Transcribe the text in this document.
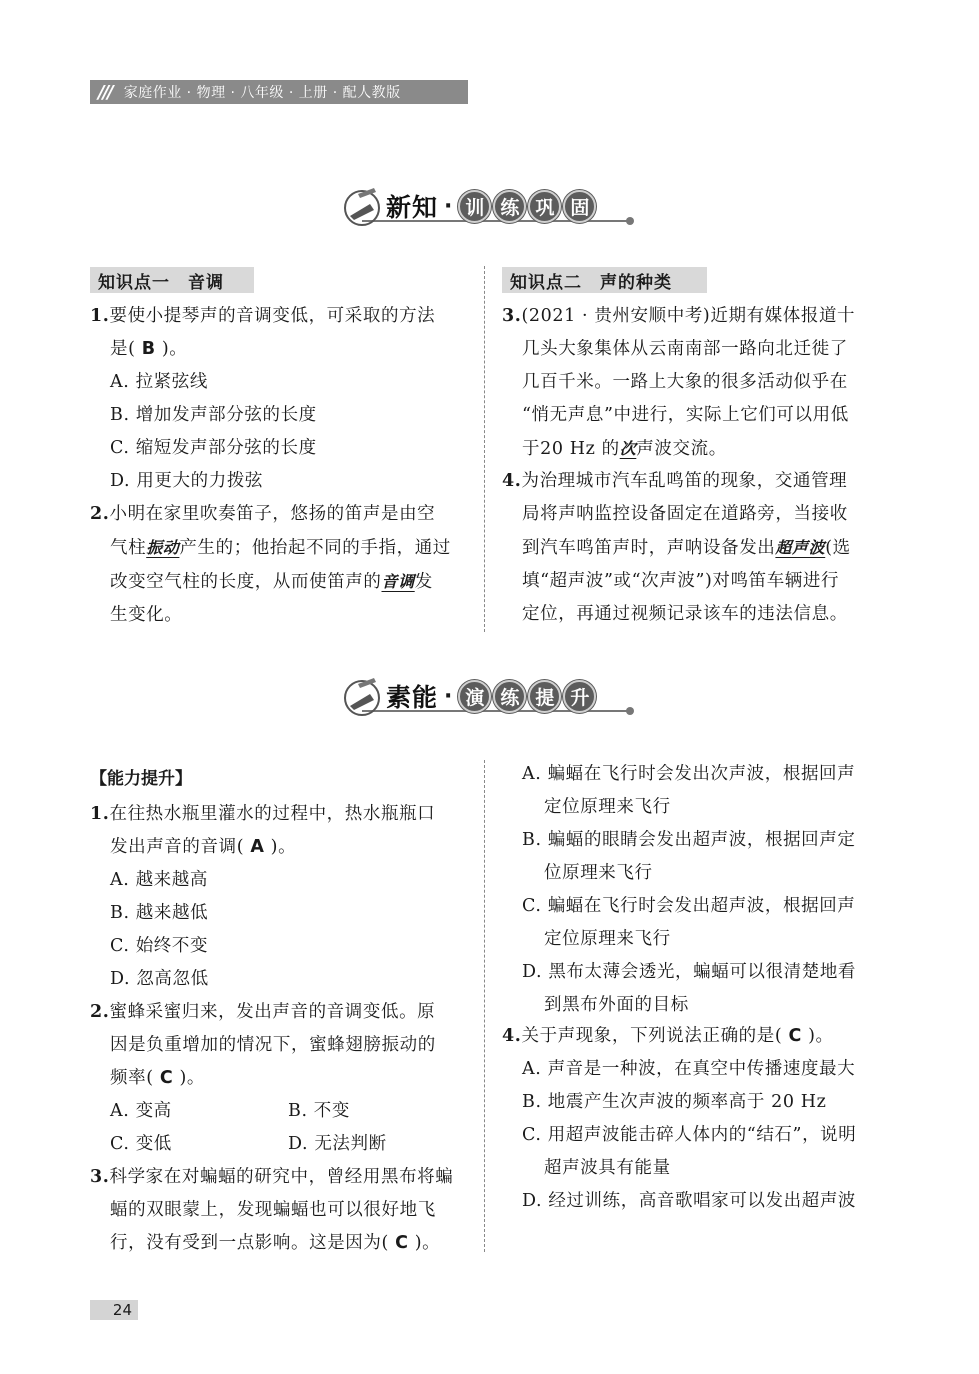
/// 家庭作业 · 物理 · 八年级 · 上册 · 配人教版
新知 · 训 练 巩 固
知识点一　音调	知识点二　声的种类
1.要使小提琴声的音调变低，可采取的方法
是( B )。
A. 拉紧弦线
B. 增加发声部分弦的长度
C. 缩短发声部分弦的长度
D. 用更大的力拨弦
2.小明在家里吹奏笛子，悠扬的笛声是由空
气柱振动产生的；他抬起不同的手指，通过
改变空气柱的长度，从而使笛声的音调发
生变化。
3.(2021 · 贵州安顺中考)近期有媒体报道十
几头大象集体从云南南部一路向北迁徙了
几百千米。一路上大象的很多活动似乎在
“悄无声息”中进行，实际上它们可以用低
于20 Hz 的次声波交流。
4.为治理城市汽车乱鸣笛的现象，交通管理
局将声呐监控设备固定在道路旁，当接收
到汽车鸣笛声时，声呐设备发出超声波(选
填“超声波”或“次声波”)对鸣笛车辆进行
定位，再通过视频记录该车的违法信息。
素能 · 演 练 提 升
【能力提升】
1.在往热水瓶里灌水的过程中，热水瓶瓶口
发出声音的音调( A )。
A. 越来越高
B. 越来越低
C. 始终不变
D. 忽高忽低
2.蜜蜂采蜜归来，发出声音的音调变低。原
因是负重增加的情况下，蜜蜂翅膀振动的
频率( C )。
A. 变高	B. 不变
C. 变低	D. 无法判断
3.科学家在对蝙蝠的研究中，曾经用黑布将蝙
蝠的双眼蒙上，发现蝙蝠也可以很好地飞
行，没有受到一点影响。这是因为( C )。
A. 蝙蝠在飞行时会发出次声波，根据回声
定位原理来飞行
B. 蝙蝠的眼睛会发出超声波，根据回声定
位原理来飞行
C. 蝙蝠在飞行时会发出超声波，根据回声
定位原理来飞行
D. 黑布太薄会透光，蝙蝠可以很清楚地看
到黑布外面的目标
4.关于声现象，下列说法正确的是( C )。
A. 声音是一种波，在真空中传播速度最大
B. 地震产生次声波的频率高于 20 Hz
C. 用超声波能击碎人体内的“结石”，说明
超声波具有能量
D. 经过训练，高音歌唱家可以发出超声波
24
